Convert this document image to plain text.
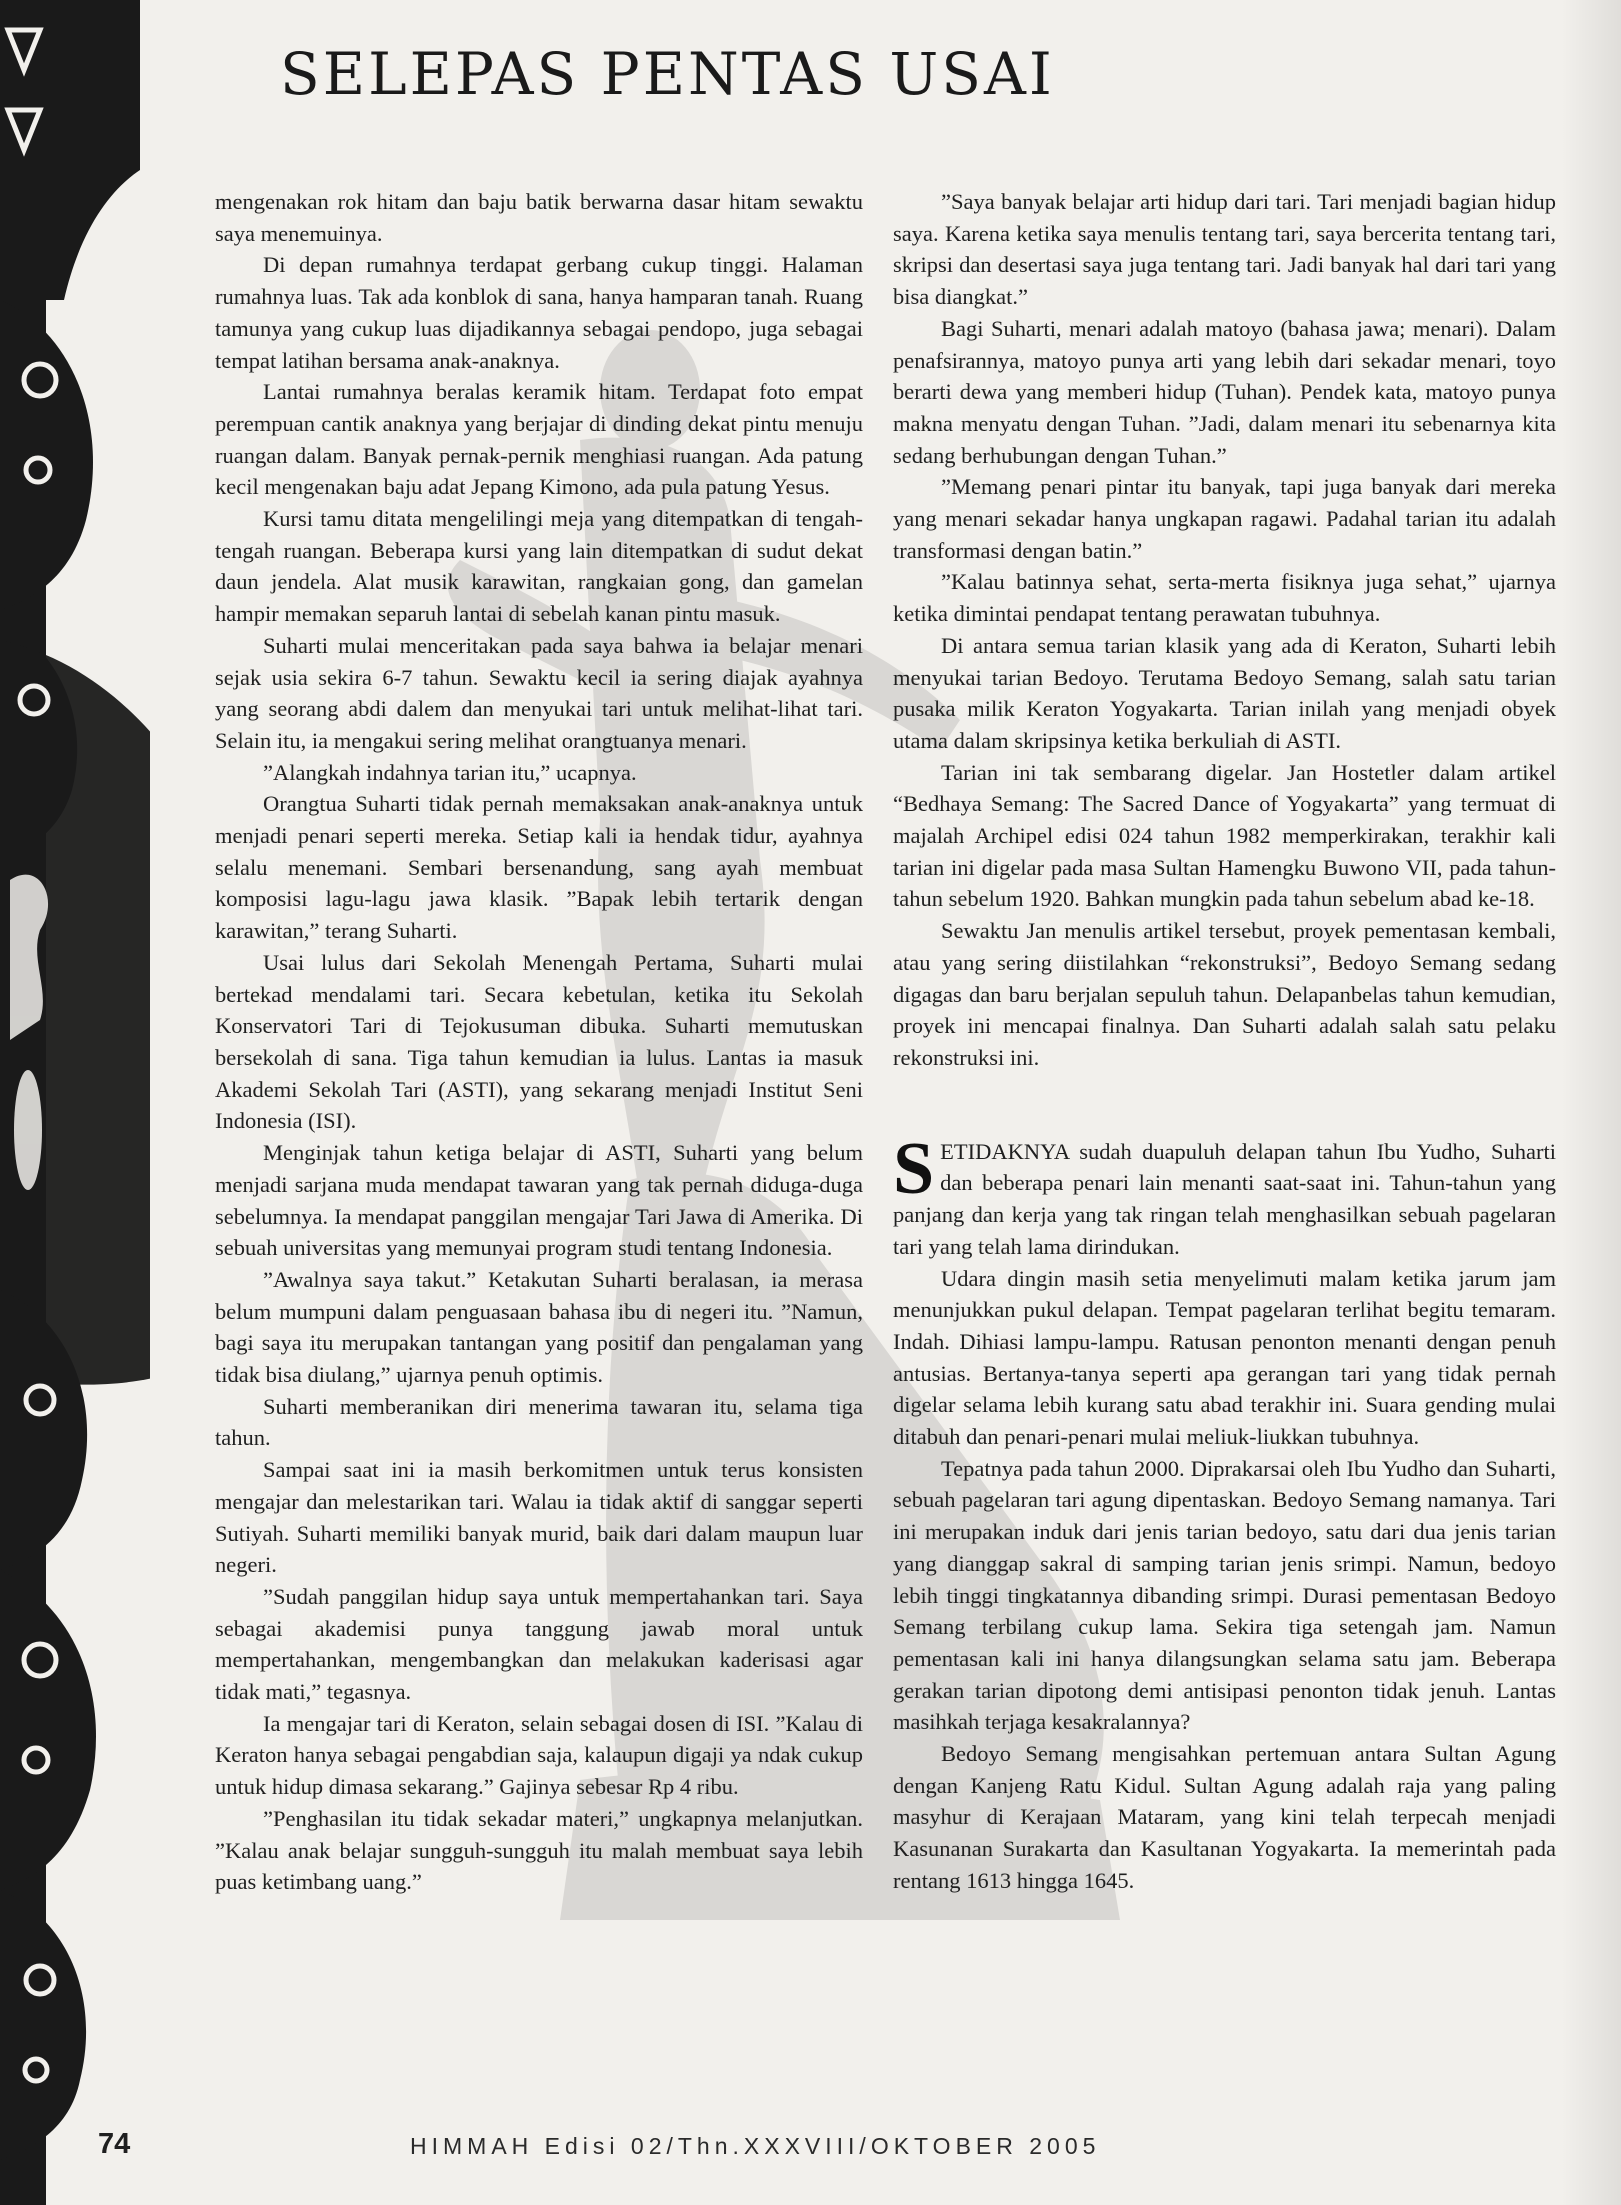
SELEPAS PENTAS USAI

mengenakan rok hitam dan baju batik berwarna dasar hitam sewaktu saya menemuinya.

Di depan rumahnya terdapat gerbang cukup tinggi. Halaman rumahnya luas. Tak ada konblok di sana, hanya hamparan tanah. Ruang tamunya yang cukup luas dijadikannya sebagai pendopo, juga sebagai tempat latihan bersama anak-anaknya.

Lantai rumahnya beralas keramik hitam. Terdapat foto empat perempuan cantik anaknya yang berjajar di dinding dekat pintu menuju ruangan dalam. Banyak pernak-pernik menghiasi ruangan. Ada patung kecil mengenakan baju adat Jepang Kimono, ada pula patung Yesus.

Kursi tamu ditata mengelilingi meja yang ditempatkan di tengah-tengah ruangan. Beberapa kursi yang lain ditempatkan di sudut dekat daun jendela. Alat musik karawitan, rangkaian gong, dan gamelan hampir memakan separuh lantai di sebelah kanan pintu masuk.

Suharti mulai menceritakan pada saya bahwa ia belajar menari sejak usia sekira 6-7 tahun. Sewaktu kecil ia sering diajak ayahnya yang seorang abdi dalem dan menyukai tari untuk melihat-lihat tari. Selain itu, ia mengakui sering melihat orangtuanya menari.

”Alangkah indahnya tarian itu,” ucapnya.

Orangtua Suharti tidak pernah memaksakan anak-anaknya untuk menjadi penari seperti mereka. Setiap kali ia hendak tidur, ayahnya selalu menemani. Sembari bersenandung, sang ayah membuat komposisi lagu-lagu jawa klasik. ”Bapak lebih tertarik dengan karawitan,” terang Suharti.

Usai lulus dari Sekolah Menengah Pertama, Suharti mulai bertekad mendalami tari. Secara kebetulan, ketika itu Sekolah Konservatori Tari di Tejokusuman dibuka. Suharti memutuskan bersekolah di sana. Tiga tahun kemudian ia lulus. Lantas ia masuk Akademi Sekolah Tari (ASTI), yang sekarang menjadi Institut Seni Indonesia (ISI).

Menginjak tahun ketiga belajar di ASTI, Suharti yang belum menjadi sarjana muda mendapat tawaran yang tak pernah diduga-duga sebelumnya. Ia mendapat panggilan mengajar Tari Jawa di Amerika. Di sebuah universitas yang memunyai program studi tentang Indonesia.

”Awalnya saya takut.” Ketakutan Suharti beralasan, ia merasa belum mumpuni dalam penguasaan bahasa ibu di negeri itu. ”Namun, bagi saya itu merupakan tantangan yang positif dan pengalaman yang tidak bisa diulang,” ujarnya penuh optimis.

Suharti memberanikan diri menerima tawaran itu, selama tiga tahun.

Sampai saat ini ia masih berkomitmen untuk terus konsisten mengajar dan melestarikan tari. Walau ia tidak aktif di sanggar seperti Sutiyah. Suharti memiliki banyak murid, baik dari dalam maupun luar negeri.

”Sudah panggilan hidup saya untuk mempertahankan tari. Saya sebagai akademisi punya tanggung jawab moral untuk mempertahankan, mengembangkan dan melakukan kaderisasi agar tidak mati,” tegasnya.

Ia mengajar tari di Keraton, selain sebagai dosen di ISI. ”Kalau di Keraton hanya sebagai pengabdian saja, kalaupun digaji ya ndak cukup untuk hidup dimasa sekarang.” Gajinya sebesar Rp 4 ribu.

”Penghasilan itu tidak sekadar materi,” ungkapnya melanjutkan. ”Kalau anak belajar sungguh-sungguh itu malah membuat saya lebih puas ketimbang uang.”

”Saya banyak belajar arti hidup dari tari. Tari menjadi bagian hidup saya. Karena ketika saya menulis tentang tari, saya bercerita tentang tari, skripsi dan desertasi saya juga tentang tari. Jadi banyak hal dari tari yang bisa diangkat.”

Bagi Suharti, menari adalah matoyo (bahasa jawa; menari). Dalam penafsirannya, matoyo punya arti yang lebih dari sekadar menari, toyo berarti dewa yang memberi hidup (Tuhan). Pendek kata, matoyo punya makna menyatu dengan Tuhan. ”Jadi, dalam menari itu sebenarnya kita sedang berhubungan dengan Tuhan.”

”Memang penari pintar itu banyak, tapi juga banyak dari mereka yang menari sekadar hanya ungkapan ragawi. Padahal tarian itu adalah transformasi dengan batin.”

”Kalau batinnya sehat, serta-merta fisiknya juga sehat,” ujarnya ketika dimintai pendapat tentang perawatan tubuhnya.

Di antara semua tarian klasik yang ada di Keraton, Suharti lebih menyukai tarian Bedoyo. Terutama Bedoyo Semang, salah satu tarian pusaka milik Keraton Yogyakarta. Tarian inilah yang menjadi obyek utama dalam skripsinya ketika berkuliah di ASTI.

Tarian ini tak sembarang digelar. Jan Hostetler dalam artikel “Bedhaya Semang: The Sacred Dance of Yogyakarta” yang termuat di majalah Archipel edisi 024 tahun 1982 memperkirakan, terakhir kali tarian ini digelar pada masa Sultan Hamengku Buwono VII, pada tahun-tahun sebelum 1920. Bahkan mungkin pada tahun sebelum abad ke-18.

Sewaktu Jan menulis artikel tersebut, proyek pementasan kembali, atau yang sering diistilahkan “rekonstruksi”, Bedoyo Semang sedang digagas dan baru berjalan sepuluh tahun. Delapanbelas tahun kemudian, proyek ini mencapai finalnya. Dan Suharti adalah salah satu pelaku rekonstruksi ini.

SETIDAKNYA sudah duapuluh delapan tahun Ibu Yudho, Suharti dan beberapa penari lain menanti saat-saat ini. Tahun-tahun yang panjang dan kerja yang tak ringan telah menghasilkan sebuah pagelaran tari yang telah lama dirindukan.

Udara dingin masih setia menyelimuti malam ketika jarum jam menunjukkan pukul delapan. Tempat pagelaran terlihat begitu temaram. Indah. Dihiasi lampu-lampu. Ratusan penonton menanti dengan penuh antusias. Bertanya-tanya seperti apa gerangan tari yang tidak pernah digelar selama lebih kurang satu abad terakhir ini. Suara gending mulai ditabuh dan penari-penari mulai meliuk-liukkan tubuhnya.

Tepatnya pada tahun 2000. Diprakarsai oleh Ibu Yudho dan Suharti, sebuah pagelaran tari agung dipentaskan. Bedoyo Semang namanya. Tari ini merupakan induk dari jenis tarian bedoyo, satu dari dua jenis tarian yang dianggap sakral di samping tarian jenis srimpi. Namun, bedoyo lebih tinggi tingkatannya dibanding srimpi. Durasi pementasan Bedoyo Semang terbilang cukup lama. Sekira tiga setengah jam. Namun pementasan kali ini hanya dilangsungkan selama satu jam. Beberapa gerakan tarian dipotong demi antisipasi penonton tidak jenuh. Lantas masihkah terjaga kesakralannya?

Bedoyo Semang mengisahkan pertemuan antara Sultan Agung dengan Kanjeng Ratu Kidul. Sultan Agung adalah raja yang paling masyhur di Kerajaan Mataram, yang kini telah terpecah menjadi Kasunanan Surakarta dan Kasultanan Yogyakarta. Ia memerintah pada rentang 1613 hingga 1645.

74	HIMMAH Edisi 02/Thn.XXXVIII/OKTOBER 2005
